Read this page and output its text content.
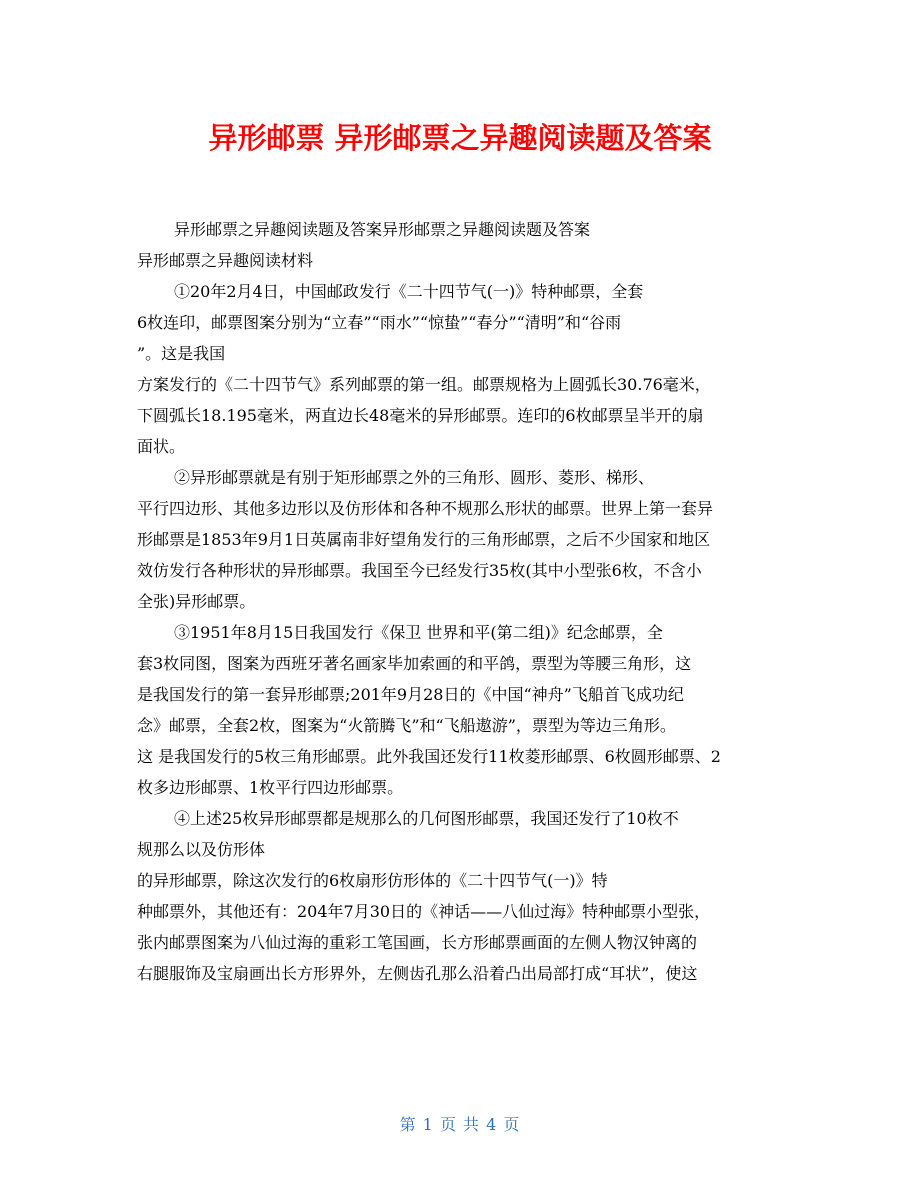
异形邮票 异形邮票之异趣阅读题及答案
异形邮票之异趣阅读题及答案异形邮票之异趣阅读题及答案
异形邮票之异趣阅读材料
①20年2月4日，中国邮政发行《二十四节气(一)》特种邮票，全套
6枚连印，邮票图案分别为“立春”“雨水”“惊蛰”“春分”“清明”和“谷雨
”。这是我国
方案发行的《二十四节气》系列邮票的第一组。邮票规格为上圆弧长30.76毫米，
下圆弧长18.195毫米，两直边长48毫米的异形邮票。连印的6枚邮票呈半开的扇
面状。
②异形邮票就是有别于矩形邮票之外的三角形、圆形、菱形、梯形、
平行四边形、其他多边形以及仿形体和各种不规那么形状的邮票。世界上第一套异
形邮票是1853年9月1日英属南非好望角发行的三角形邮票，之后不少国家和地区
效仿发行各种形状的异形邮票。我国至今已经发行35枚(其中小型张6枚，不含小
全张)异形邮票。
③1951年8月15日我国发行《保卫 世界和平(第二组)》纪念邮票，全
套3枚同图，图案为西班牙著名画家毕加索画的和平鸽，票型为等腰三角形，这
是我国发行的第一套异形邮票;201年9月28日的《中国“神舟”飞船首飞成功纪
念》邮票，全套2枚，图案为“火箭腾飞”和“飞船遨游”，票型为等边三角形。
这 是我国发行的5枚三角形邮票。此外我国还发行11枚菱形邮票、6枚圆形邮票、2
枚多边形邮票、1枚平行四边形邮票。
④上述25枚异形邮票都是规那么的几何图形邮票，我国还发行了10枚不
规那么以及仿形体
的异形邮票，除这次发行的6枚扇形仿形体的《二十四节气(一)》特
种邮票外，其他还有：204年7月30日的《神话——八仙过海》特种邮票小型张，
张内邮票图案为八仙过海的重彩工笔国画，长方形邮票画面的左侧人物汉钟离的
右腿服饰及宝扇画出长方形界外，左侧齿孔那么沿着凸出局部打成“耳状”，使这
第 1 页 共 4 页
